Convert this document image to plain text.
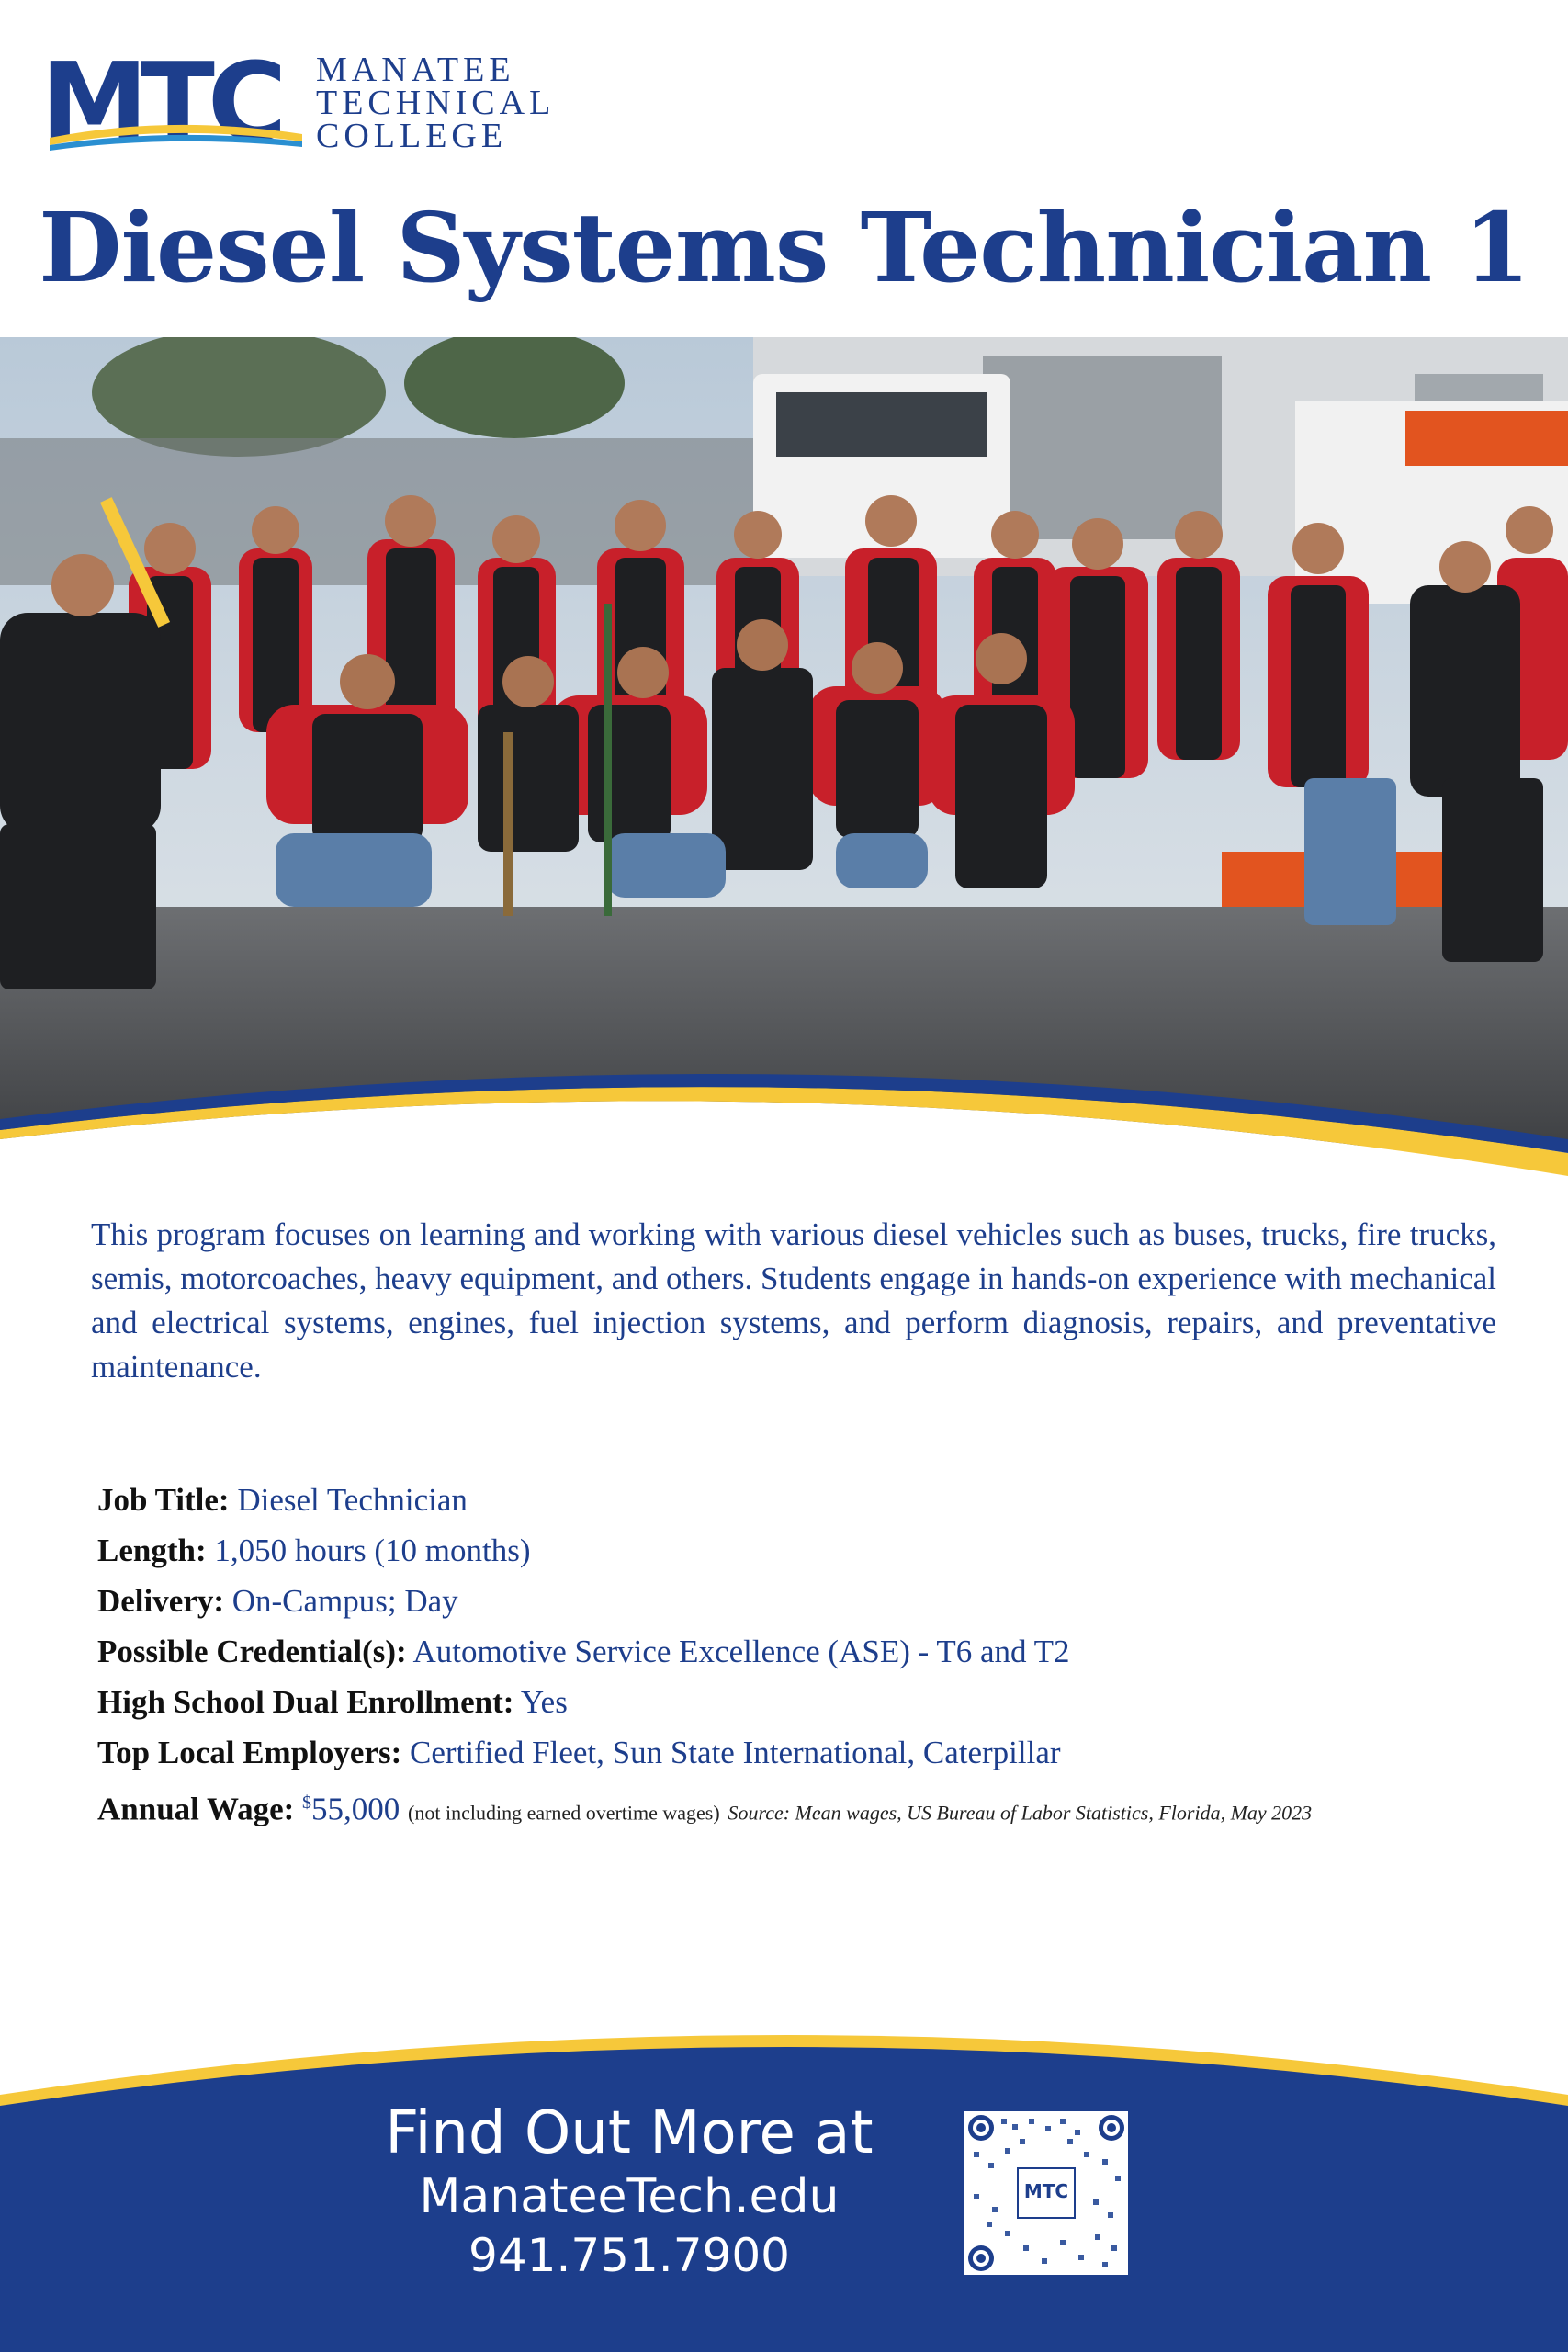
MTC MANATEE
TECHNICAL
COLLEGE
Diesel Systems Technician 1
This program focuses on learning and working with various diesel vehicles such as buses, trucks, fire trucks, semis, motorcoaches, heavy equipment, and others. Students engage in hands-on experience with mechanical and electrical systems, engines, fuel injection systems, and perform diagnosis, repairs, and preventative maintenance.
Job Title: Diesel Technician
Length: 1,050 hours (10 months)
Delivery: On-Campus; Day
Possible Credential(s): Automotive Service Excellence (ASE) - T6 and T2
High School Dual Enrollment: Yes
Top Local Employers: Certified Fleet, Sun State International, Caterpillar
Annual Wage: $55,000 (not including earned overtime wages) Source: Mean wages, US Bureau of Labor Statistics, Florida, May 2023
Find Out More at
ManateeTech.edu
941.751.7900
MTC
